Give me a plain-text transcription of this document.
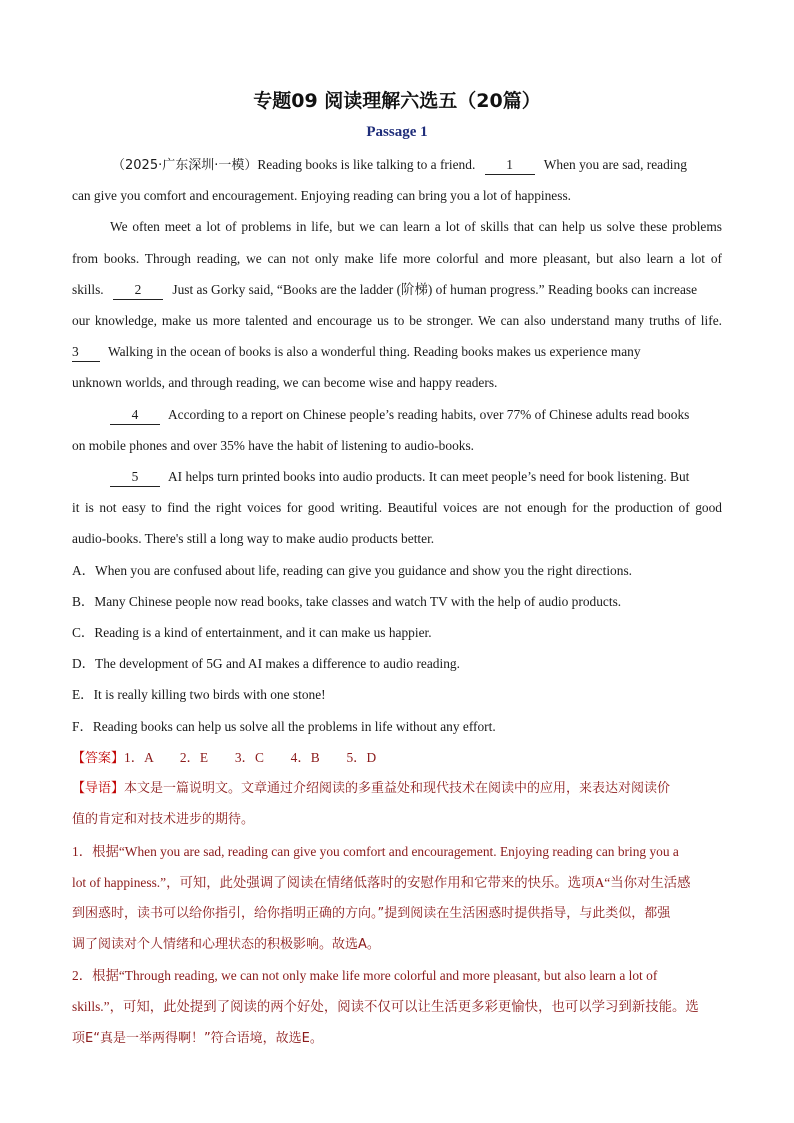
专题09 阅读理解六选五（20篇）
Passage 1
（2025·广东深圳·一模）Reading books is like talking to a friend. 1 When you are sad, reading
can give you comfort and encouragement. Enjoying reading can bring you a lot of happiness.
We often meet a lot of problems in life, but we can learn a lot of skills that can help us solve these problems
from books. Through reading, we can not only make life more colorful and more pleasant, but also learn a lot of
skills. 2 Just as Gorky said, “Books are the ladder (阶梯) of human progress.” Reading books can increase
our knowledge, make us more talented and encourage us to be stronger. We can also understand many truths of life.
3 Walking in the ocean of books is also a wonderful thing. Reading books makes us experience many
unknown worlds, and through reading, we can become wise and happy readers.
4 According to a report on Chinese people’s reading habits, over 77% of Chinese adults read books
on mobile phones and over 35% have the habit of listening to audio-books.
5 AI helps turn printed books into audio products. It can meet people’s need for book listening. But
it is not easy to find the right voices for good writing. Beautiful voices are not enough for the production of good
audio-books. There's still a long way to make audio products better.
A．When you are confused about life, reading can give you guidance and show you the right directions.
B．Many Chinese people now read books, take classes and watch TV with the help of audio products.
C．Reading is a kind of entertainment, and it can make us happier.
D．The development of 5G and AI makes a difference to audio reading.
E．It is really killing two birds with one stone!
F．Reading books can help us solve all the problems in life without any effort.
【答案】1．A　　2．E　　3．C　　4．B　　5．D
【导语】本文是一篇说明文。文章通过介绍阅读的多重益处和现代技术在阅读中的应用，来表达对阅读价
值的肯定和对技术进步的期待。
1．根据“When you are sad, reading can give you comfort and encouragement. Enjoying reading can bring you a
lot of happiness.”，可知，此处强调了阅读在情绪低落时的安慰作用和它带来的快乐。选项A“当你对生活感
到困惑时，读书可以给你指引，给你指明正确的方向。”提到阅读在生活困惑时提供指导，与此类似，都强
调了阅读对个人情绪和心理状态的积极影响。故选A。
2．根据“Through reading, we can not only make life more colorful and more pleasant, but also learn a lot of
skills.”，可知，此处提到了阅读的两个好处，阅读不仅可以让生活更多彩更愉快，也可以学习到新技能。选
项E“真是一举两得啊！”符合语境，故选E。
